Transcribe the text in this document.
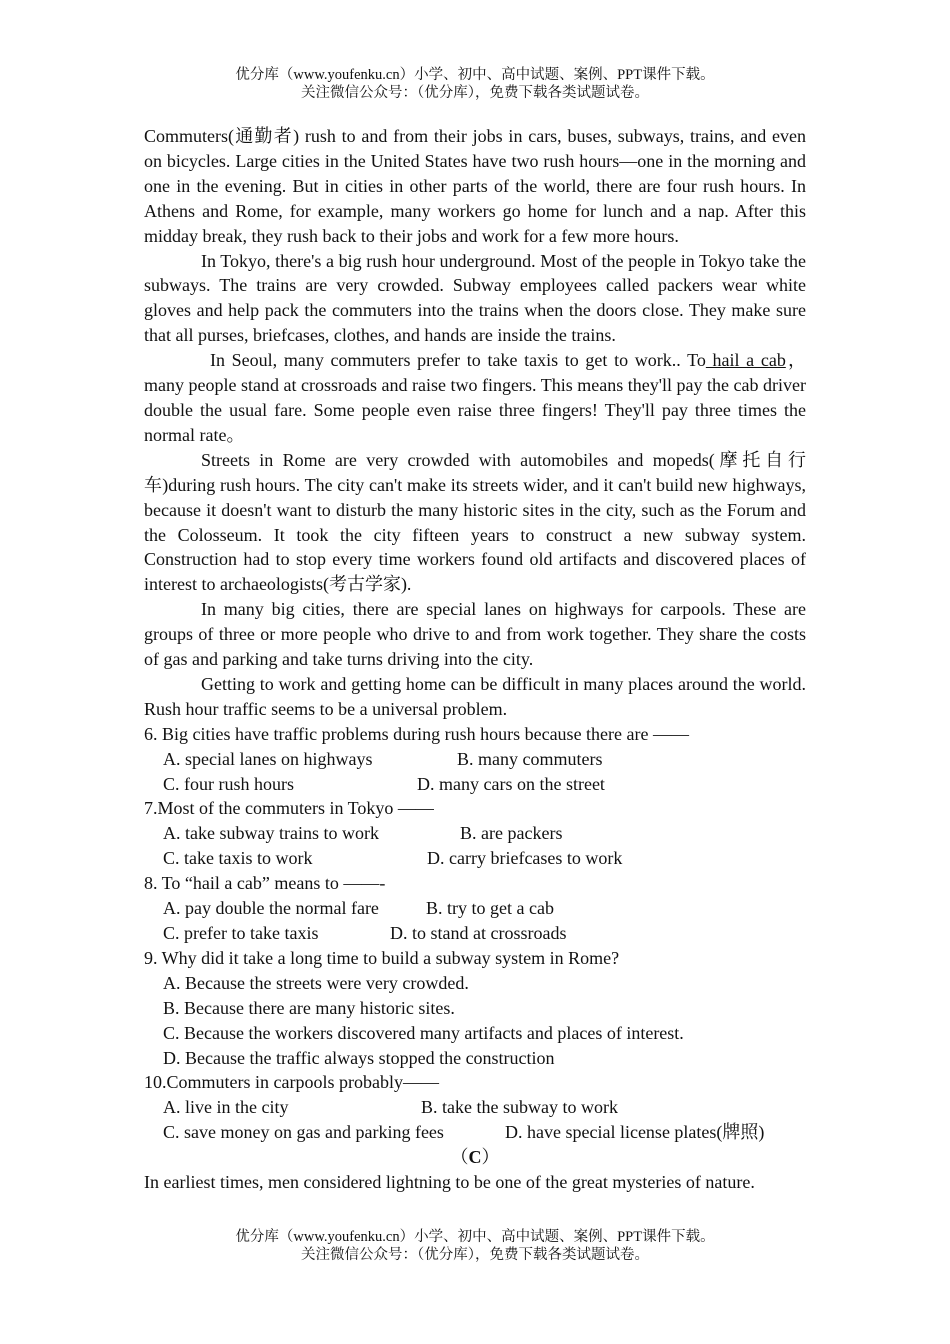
优分库（www.youfenku.cn）小学、初中、高中试题、案例、PPT课件下载。
关注微信公众号：（优分库），免费下载各类试题试卷。

Commuters(通勤者) rush to and from their jobs in cars, buses, subways, trains, and even on bicycles. Large cities in the United States have two rush hours—one in the morning and one in the evening. But in cities in other parts of the world, there are four rush hours. In Athens and Rome, for example, many workers go home for lunch and a nap. After this midday break, they rush back to their jobs and work for a few more hours.

In Tokyo, there's a big rush hour underground. Most of the people in Tokyo take the subways. The trains are very crowded. Subway employees called packers wear white gloves and help pack the commuters into the trains when the doors close. They make sure that all purses, briefcases, clothes, and hands are inside the trains.

In Seoul, many commuters prefer to take taxis to get to work.. To hail a cab， many people stand at crossroads and raise two fingers. This means they'll pay the cab driver double the usual fare. Some people even raise three fingers! They'll pay three times the normal rate。

Streets in Rome are very crowded with automobiles and mopeds(摩托自行车)during rush hours. The city can't make its streets wider, and it can't build new highways, because it doesn't want to disturb the many historic sites in the city, such as the Forum and the Colosseum. It took the city fifteen years to construct a new subway system. Construction had to stop every time workers found old artifacts and discovered places of interest to archaeologists(考古学家).

In many big cities, there are special lanes on highways for carpools. These are groups of three or more people who drive to and from work together. They share the costs of gas and parking and take turns driving into the city.

Getting to work and getting home can be difficult in many places around the world. Rush hour traffic seems to be a universal problem.

6. Big cities have traffic problems during rush hours because there are ——

A. special lanes on highways	B. many commuters
C. four rush hours	D. many cars on the street

7.Most of the commuters in Tokyo ——

A. take subway trains to work	B. are packers
C. take taxis to work	D. carry briefcases to work

8. To “hail a cab” means to ——-

A. pay double the normal fare	B. try to get a cab
C. prefer to take taxis	D. to stand at crossroads

9. Why did it take a long time to build a subway system in Rome?

A. Because the streets were very crowded.

B. Because there are many historic sites.

C. Because the workers discovered many artifacts and places of interest.

D. Because the traffic always stopped the construction

10.Commuters in carpools probably——

A. live in the city	B. take the subway to work
C. save money on gas and parking fees	D. have special license plates(牌照)

（C）

In earliest times, men considered lightning to be one of the great mysteries of nature.

优分库（www.youfenku.cn）小学、初中、高中试题、案例、PPT课件下载。
关注微信公众号：（优分库），免费下载各类试题试卷。
